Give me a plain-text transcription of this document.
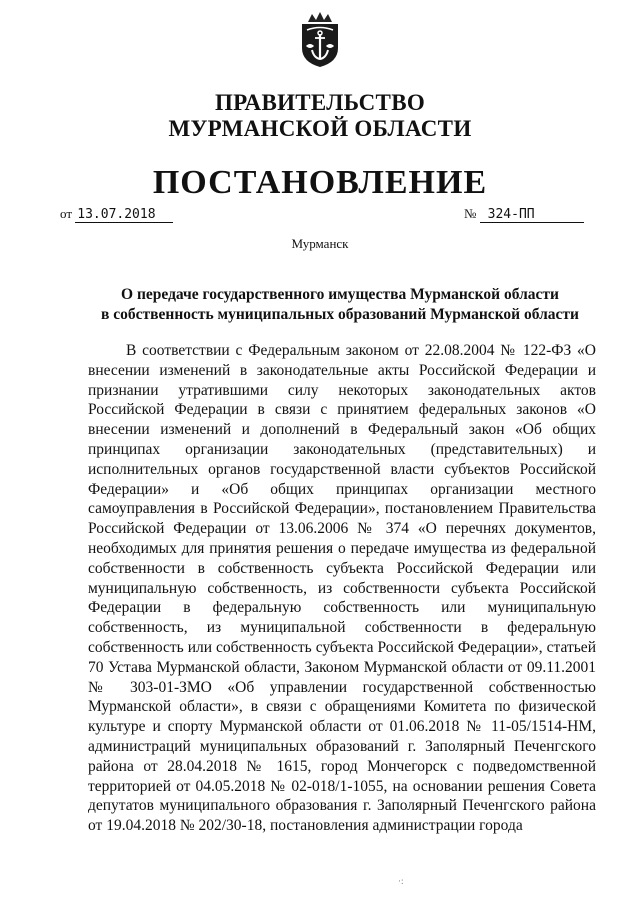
ПРАВИТЕЛЬСТВО
МУРМАНСКОЙ ОБЛАСТИ
ПОСТАНОВЛЕНИЕ
от 13.07.2018	№ 324-ПП
Мурманск
О передаче государственного имущества Мурманской области
в собственность муниципальных образований Мурманской области

В соответствии с Федеральным законом от 22.08.2004 № 122-ФЗ «О внесении изменений в законодательные акты Российской Федерации и признании утратившими силу некоторых законодательных актов Российской Федерации в связи с принятием федеральных законов «О внесении изменений и дополнений в Федеральный закон «Об общих принципах организации законодательных (представительных) и исполнительных органов государственной власти субъектов Российской Федерации» и «Об общих принципах организации местного самоуправления в Российской Федерации», постановлением Правительства Российской Федерации от 13.06.2006 № 374 «О перечнях документов, необходимых для принятия решения о передаче имущества из федеральной собственности в собственность субъекта Российской Федерации или муниципальную собственность, из собственности субъекта Российской Федерации в федеральную собственность или муниципальную собственность, из муниципальной собственности в федеральную собственность или собственность субъекта Российской Федерации», статьей 70 Устава Мурманской области, Законом Мурманской области от 09.11.2001 № 303-01-ЗМО «Об управлении государственной собственностью Мурманской области», в связи с обращениями Комитета по физической культуре и спорту Мурманской области от 01.06.2018 № 11-05/1514-НМ, администраций муниципальных образований г. Заполярный Печенгского района от 28.04.2018 № 1615, город Мончегорск с подведомственной территорией от 04.05.2018 № 02-018/1-1055, на основании решения Совета депутатов муниципального образования г. Заполярный Печенгского района от 19.04.2018 № 202/30-18, постановления администрации города

·:
